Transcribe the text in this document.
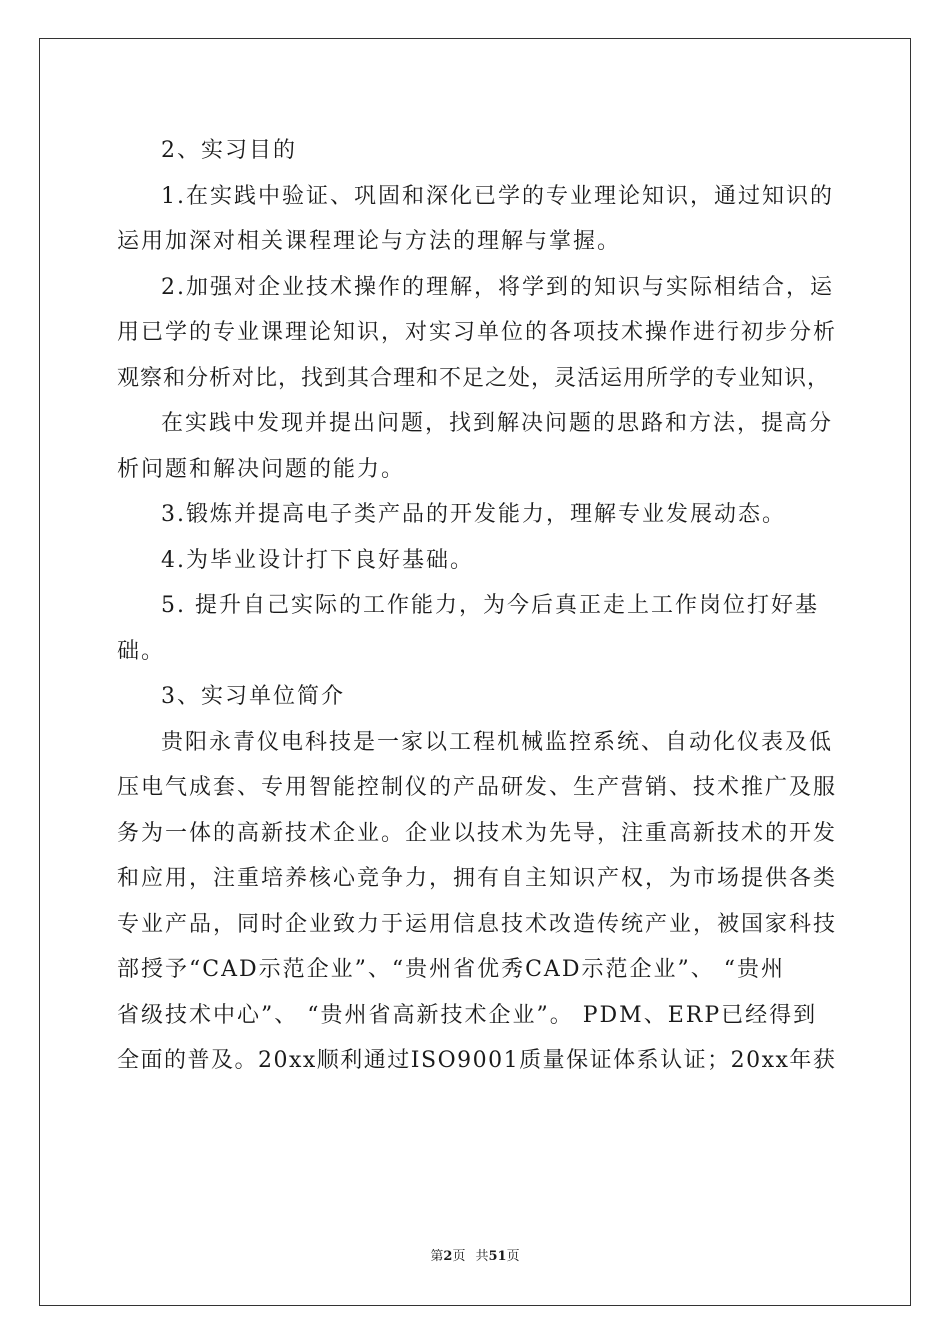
2、实习目的
1.在实践中验证、巩固和深化已学的专业理论知识，通过知识的
运用加深对相关课程理论与方法的理解与掌握。
2.加强对企业技术操作的理解，将学到的知识与实际相结合，运
用已学的专业课理论知识，对实习单位的各项技术操作进行初步分析
观察和分析对比，找到其合理和不足之处，灵活运用所学的专业知识，
在实践中发现并提出问题，找到解决问题的思路和方法，提高分
析问题和解决问题的能力。
3.锻炼并提高电子类产品的开发能力，理解专业发展动态。
4.为毕业设计打下良好基础。
5. 提升自己实际的工作能力，为今后真正走上工作岗位打好基
础。
3、实习单位简介
贵阳永青仪电科技是一家以工程机械监控系统、自动化仪表及低
压电气成套、专用智能控制仪的产品研发、生产营销、技术推广及服
务为一体的高新技术企业。企业以技术为先导，注重高新技术的开发
和应用，注重培养核心竞争力，拥有自主知识产权，为市场提供各类
专业产品，同时企业致力于运用信息技术改造传统产业，被国家科技
部授予“CAD示范企业”、“贵州省优秀CAD示范企业”、 “贵州
省级技术中心”、 “贵州省高新技术企业”。 PDM、ERP已经得到
全面的普及。20xx顺利通过ISO9001质量保证体系认证；20xx年获
第2页 共51页
